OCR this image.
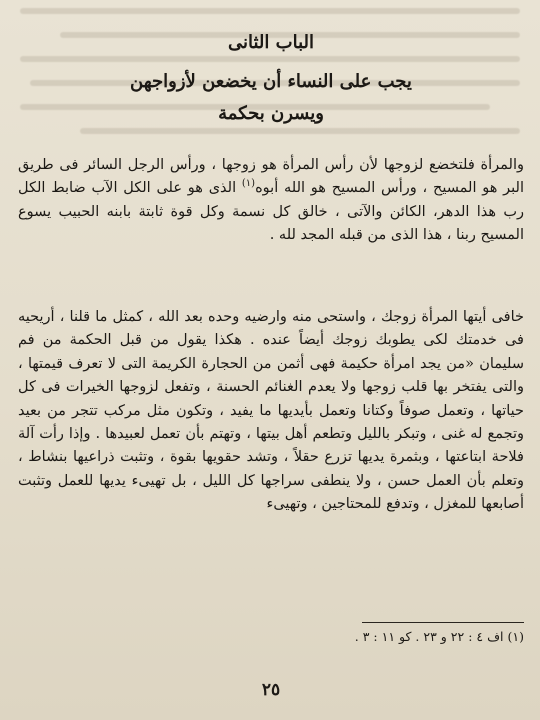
الباب الثانى
يجب على النساء أن يخضعن لأزواجهن
ويسرن بحكمة

والمرأة فلتخضع لزوجها لأن رأس المرأة هو زوجها ، ورأس الرجل السائر فى طريق البر هو المسيح ، ورأس المسيح هو الله أبوه$^{(١)}$ الذى هو على الكل الآب ضابط الكل رب هذا الدهر، الكائن والآتى ، خالق كل نسمة وكل قوة ثابتة بابنه الحبيب يسوع المسيح ربنا ، هذا الذى من قبله المجد لله .

خافى أيتها المرأة زوجك ، واستحى منه وارضيه وحده بعد الله ، كمثل ما قلنا ، أريحيه فى خدمتك لكى يطوبك زوجك أيضاً عنده . هكذا يقول من قبل الحكمة من فم سليمان «من يجد امرأة حكيمة فهى أثمن من الحجارة الكريمة التى لا تعرف قيمتها ، والتى يفتخر بها قلب زوجها ولا يعدم الغنائم الحسنة ، وتفعل لزوجها الخيرات فى كل حياتها ، وتعمل صوفاً وكتانا وتعمل بأيديها ما يفيد ، وتكون مثل مركب تتجر من بعيد وتجمع له غنى ، وتبكر بالليل وتطعم أهل بيتها ، وتهتم بأن تعمل لعبيدها . وإذا رأت آلة فلاحة ابتاعتها ، وبثمرة يديها تزرع حقلاً ، وتشد حقويها بقوة ، وتثبت ذراعيها بنشاط ، وتعلم بأن العمل حسن ، ولا ينطفى سراجها كل الليل ، بل تهيىء يديها للعمل وتثبت أصابعها للمغزل ، وتدفع للمحتاجين ، وتهيىء

(١) اف ٤ : ٢٢ و ٢٣ . كو ١١ : ٣ .
٢٥
